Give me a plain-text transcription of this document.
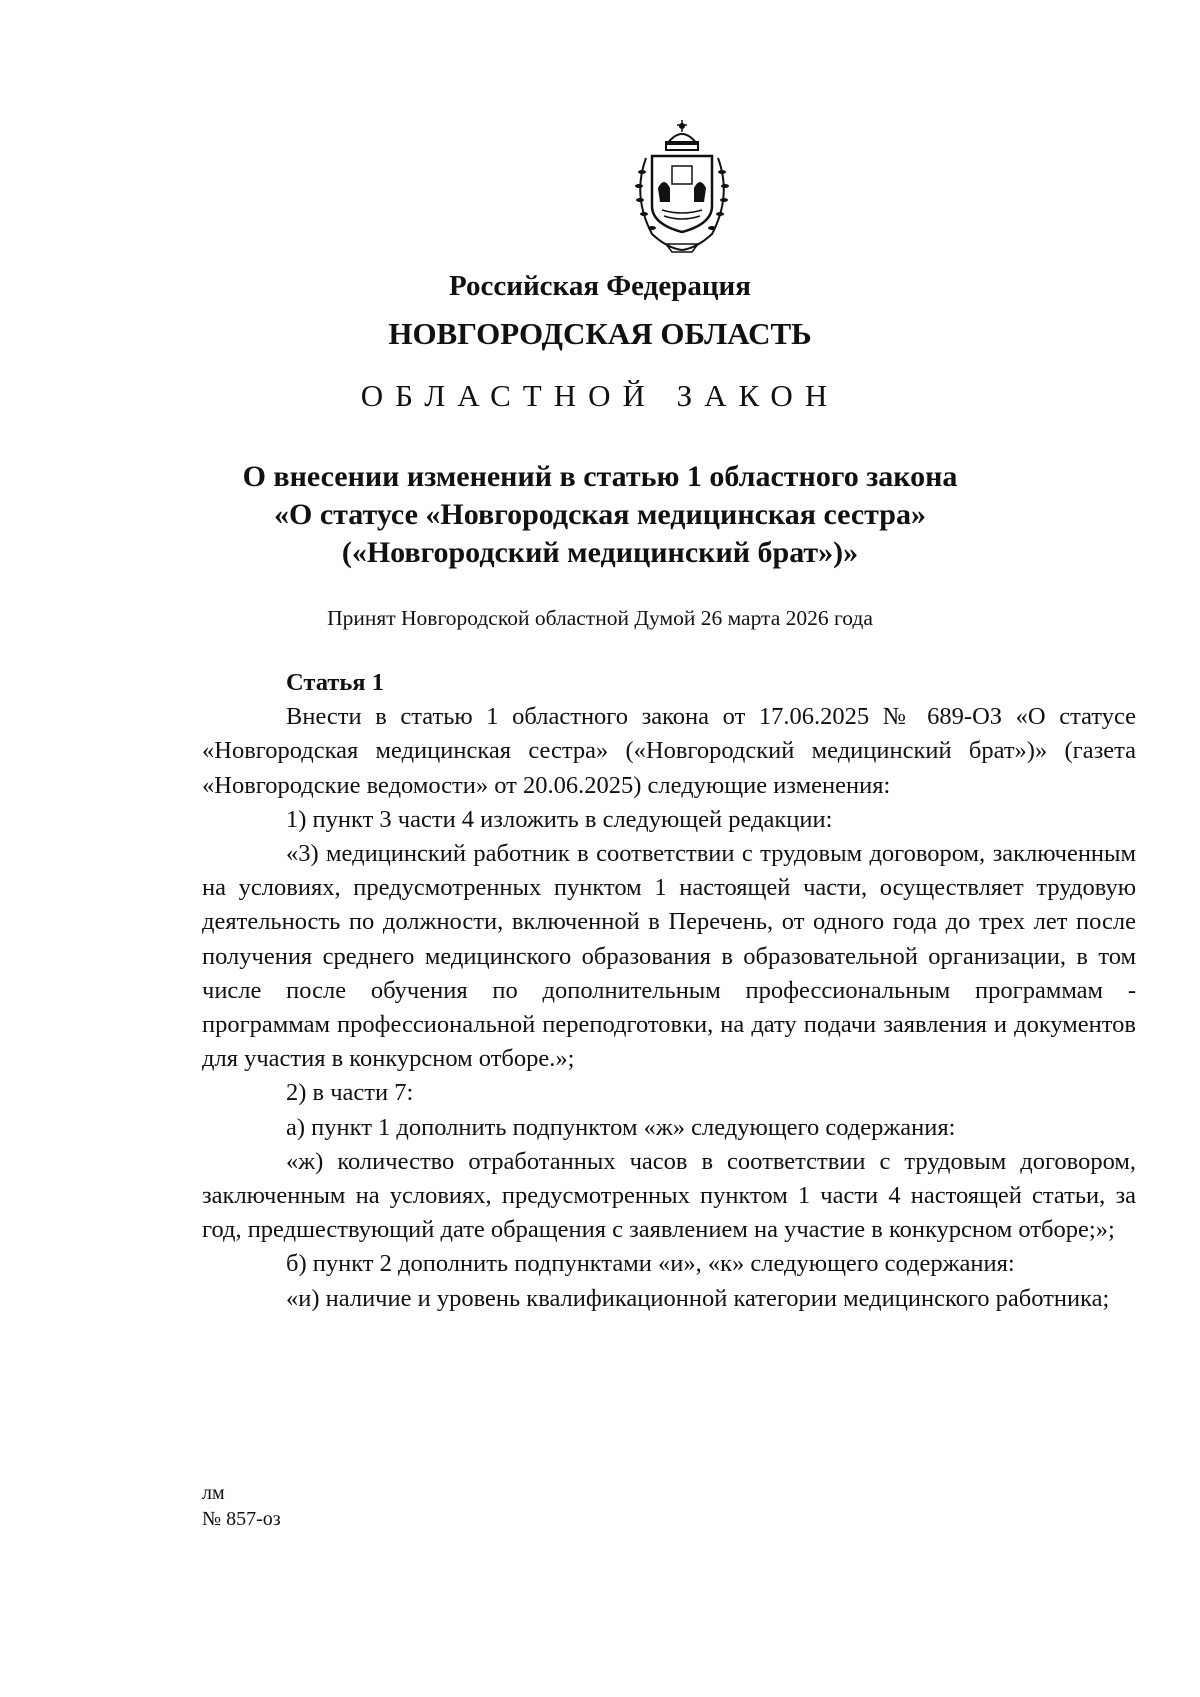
Российская Федерация
НОВГОРОДСКАЯ ОБЛАСТЬ
ОБЛАСТНОЙ ЗАКОН
О внесении изменений в статью 1 областного закона
«О статусе «Новгородская медицинская сестра»
(«Новгородский медицинский брат»)»
Принят Новгородской областной Думой 26 марта 2026 года

Статья 1

Внести в статью 1 областного закона от 17.06.2025 № 689-ОЗ «О статусе «Новгородская медицинская сестра» («Новгородский медицинский брат»)» (газета «Новгородские ведомости» от 20.06.2025) следующие изменения:

1) пункт 3 части 4 изложить в следующей редакции:

«3) медицинский работник в соответствии с трудовым договором, заключенным на условиях, предусмотренных пунктом 1 настоящей части, осуществляет трудовую деятельность по должности, включенной в Перечень, от одного года до трех лет после получения среднего медицинского образования в образовательной организации, в том числе после обучения по дополнительным профессиональным программам - программам профессиональной переподготовки, на дату подачи заявления и документов для участия в конкурсном отборе.»;

2) в части 7:

а) пункт 1 дополнить подпунктом «ж» следующего содержания:

«ж) количество отработанных часов в соответствии с трудовым договором, заключенным на условиях, предусмотренных пунктом 1 части 4 настоящей статьи, за год, предшествующий дате обращения с заявлением на участие в конкурсном отборе;»;

б) пункт 2 дополнить подпунктами «и», «к» следующего содержания:

«и) наличие и уровень квалификационной категории медицинского работника;

лм
№ 857-оз
